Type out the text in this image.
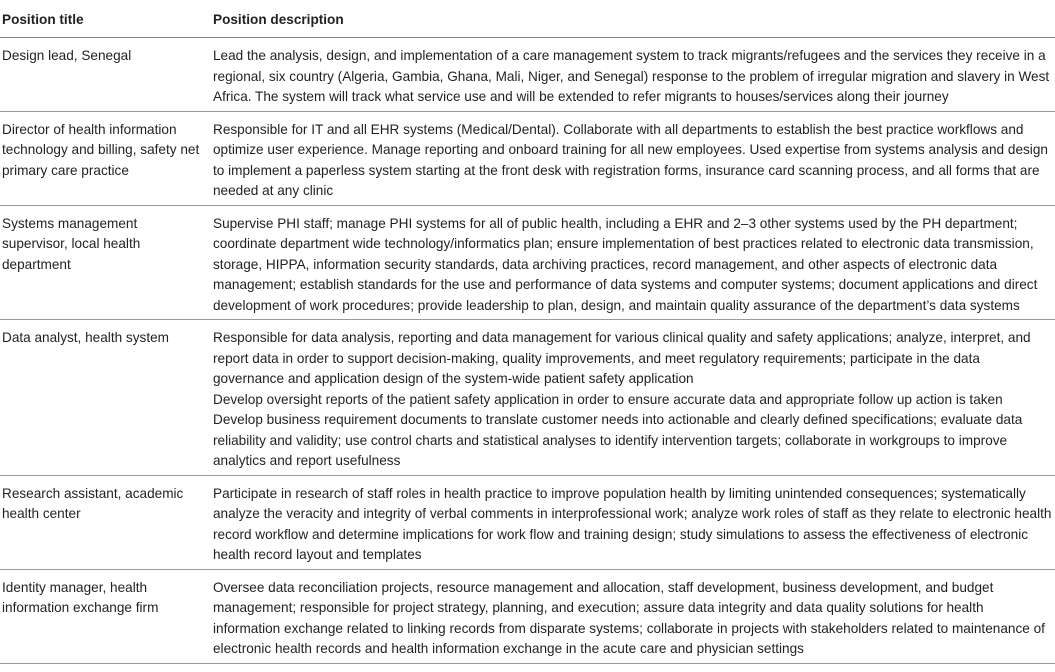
Position title	Position description
Design lead, Senegal	Lead the analysis, design, and implementation of a care management system to track migrants/refugees and the services they receive in a regional, six country (Algeria, Gambia, Ghana, Mali, Niger, and Senegal) response to the problem of irregular migration and slavery in West Africa. The system will track what service use and will be extended to refer migrants to houses/services along their journey

Director of health information technology and billing, safety net primary care practice	Responsible for IT and all EHR systems (Medical/Dental). Collaborate with all departments to establish the best practice workflows and optimize user experience. Manage reporting and onboard training for all new employees. Used expertise from systems analysis and design to implement a paperless system starting at the front desk with registration forms, insurance card scanning process, and all forms that are needed at any clinic

Systems management supervisor, local health department	Supervise PHI staff; manage PHI systems for all of public health, including a EHR and 2–3 other systems used by the PH department; coordinate department wide technology/informatics plan; ensure implementation of best practices related to electronic data transmission, storage, HIPPA, information security standards, data archiving practices, record management, and other aspects of electronic data management; establish standards for the use and performance of data systems and computer systems; document applications and direct development of work procedures; provide leadership to plan, design, and maintain quality assurance of the department’s data systems

Data analyst, health system	Responsible for data analysis, reporting and data management for various clinical quality and safety applications; analyze, interpret, and report data in order to support decision-making, quality improvements, and meet regulatory requirements; participate in the data governance and application design of the system-wide patient safety application
Develop oversight reports of the patient safety application in order to ensure accurate data and appropriate follow up action is taken
Develop business requirement documents to translate customer needs into actionable and clearly defined specifications; evaluate data reliability and validity; use control charts and statistical analyses to identify intervention targets; collaborate in workgroups to improve analytics and report usefulness

Research assistant, academic health center	Participate in research of staff roles in health practice to improve population health by limiting unintended consequences; systematically analyze the veracity and integrity of verbal comments in interprofessional work; analyze work roles of staff as they relate to electronic health record workflow and determine implications for work flow and training design; study simulations to assess the effectiveness of electronic health record layout and templates

Identity manager, health information exchange firm	Oversee data reconciliation projects, resource management and allocation, staff development, business development, and budget management; responsible for project strategy, planning, and execution; assure data integrity and data quality solutions for health information exchange related to linking records from disparate systems; collaborate in projects with stakeholders related to maintenance of electronic health records and health information exchange in the acute care and physician settings
